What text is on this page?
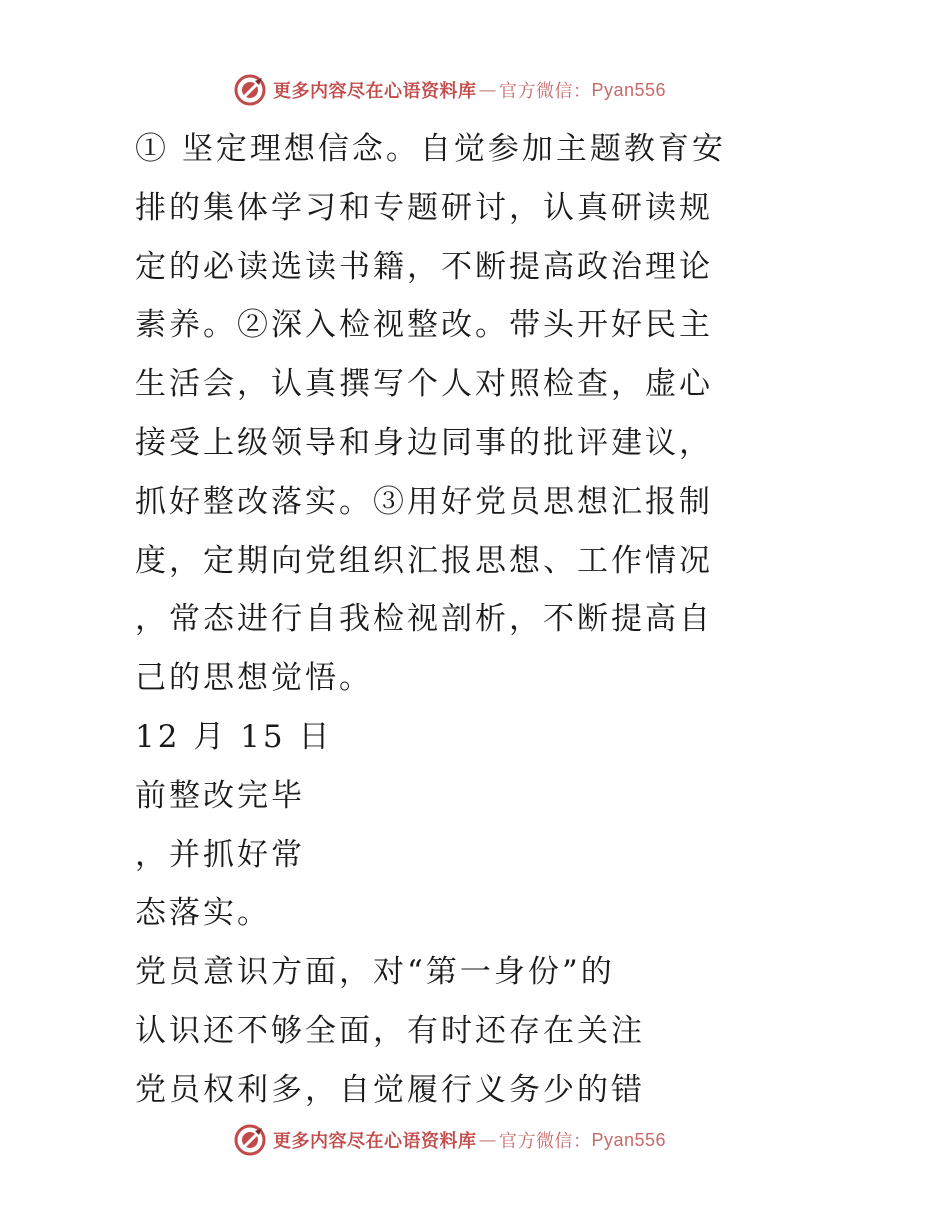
更多内容尽在心语资料库 — 官方微信： Pyan556
① 坚定理想信念。自觉参加主题教育安
排的集体学习和专题研讨，认真研读规
定的必读选读书籍，不断提高政治理论
素养。②深入检视整改。带头开好民主
生活会，认真撰写个人对照检查，虚心
接受上级领导和身边同事的批评建议，
抓好整改落实。③用好党员思想汇报制
度，定期向党组织汇报思想、工作情况
，常态进行自我检视剖析，不断提高自
己的思想觉悟。
12 月 15 日
前整改完毕
，并抓好常
态落实。
党员意识方面，对“第一身份”的
认识还不够全面，有时还存在关注
党员权利多，自觉履行义务少的错
更多内容尽在心语资料库 — 官方微信： Pyan556
